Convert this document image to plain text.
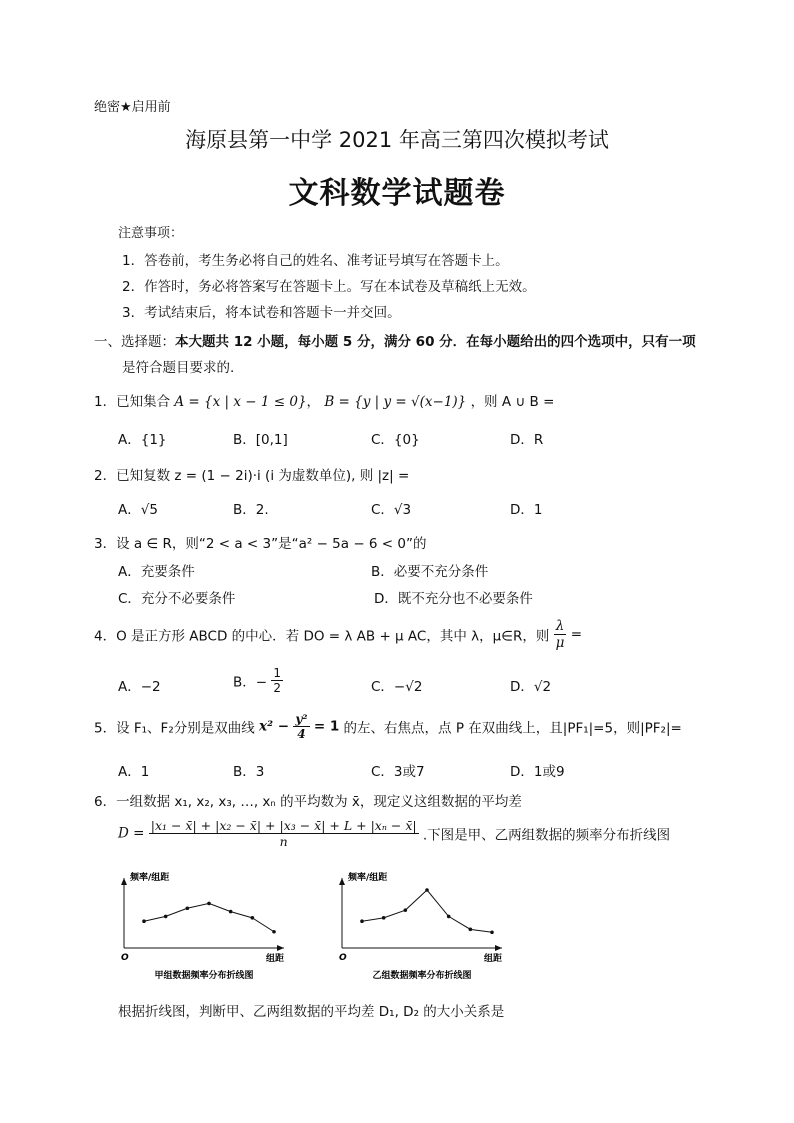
绝密★启用前
海原县第一中学 2021 年高三第四次模拟考试
文科数学试题卷
注意事项：
1．答卷前，考生务必将自己的姓名、准考证号填写在答题卡上。
2．作答时，务必将答案写在答题卡上。写在本试卷及草稿纸上无效。
3．考试结束后，将本试卷和答题卡一并交回。
一、选择题：本大题共 12 小题，每小题 5 分，满分 60 分．在每小题给出的四个选项中，只有一项
是符合题目要求的.
1．已知集合 A = {x | x − 1 ≤ 0}， B = {y | y = √(x−1)} ，则 A ∪ B =
A．{1}	B．[0,1]	C．{0}	D．R
2．已知复数 z = (1 − 2i)·i (i 为虚数单位), 则 |z| =
A．√5	B．2.	C．√3	D．1
3．设 a ∈ R，则“2 < a < 3”是“a² − 5a − 6 < 0”的
A．充要条件	B．必要不充分条件
C．充分不必要条件	D．既不充分也不必要条件
4．O 是正方形 ABCD 的中心．若 DO = λ AB + μ AC，其中 λ，μ∈R，则 $\frac{\lambda}{\mu}$ =
A．−2	B．− $\frac{1}{2}$	C．−√2	D．√2
5．设 F₁、F₂分别是双曲线 $x^2 - \frac{\text{y²}}{4} = 1$ 的左、右焦点，点 P 在双曲线上，且|PF₁|=5，则|PF₂|=
A．1	B．3	C．3或7	D．1或9
6．一组数据 x₁, x₂, x₃, …, xₙ 的平均数为 x̄，现定义这组数据的平均差
$D = \frac{\text{|x₁ − x̄| + |x₂ − x̄| + |x₃ − x̄| + L + |xₙ − x̄|}}{n}$ .下图是甲、乙两组数据的频率分布折线图
频率/组距
组距
O
甲组数据频率分布折线图
频率/组距
组距
O
乙组数据频率分布折线图
根据折线图，判断甲、乙两组数据的平均差 D₁, D₂ 的大小关系是
